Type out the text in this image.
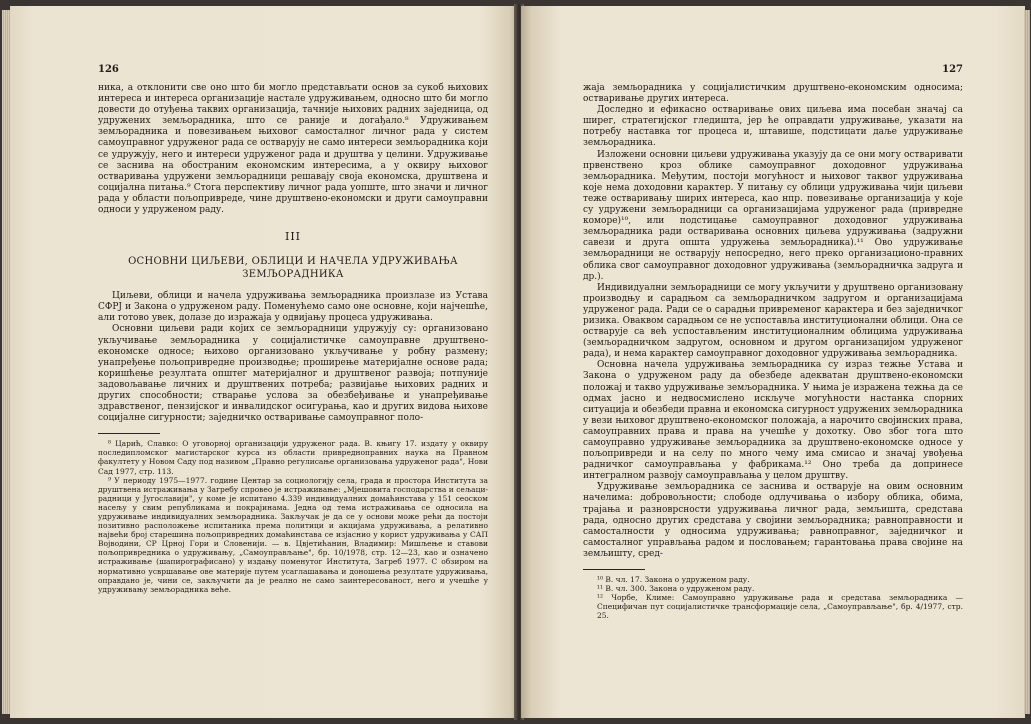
126

ника, а отклонити све оно што би могло представљати основ за сукоб њихових интереса и интереса организације настале удруживањем, односно што би могло довести до отуђења таквих организација, тачније њихових радних заједница, од удружених земљорадника, што се раније и догађало.⁸ Удруживањем земљорадника и повезивањем њиховог самосталног личног рада у систем самоуправног удруженог рада се остварују не само интереси земљорадника који се удружују, него и интереси удруженог рада и друштва у целини. Удруживање се заснива на обостраним економским интересима, а у оквиру њиховог остваривања удружени земљорадници решавају своја економска, друштвена и социјална питања.⁹ Стога перспективу личног рада уопште, што значи и личног рада у области пољопривреде, чине друштвено-економски и други самоуправни односи у удруженом раду.

III
ОСНОВНИ ЦИЉЕВИ, ОБЛИЦИ И НАЧЕЛА УДРУЖИВАЊА ЗЕМЉОРАДНИКА

Циљеви, облици и начела удруживања земљорадника произлазе из Устава СФРЈ и Закона о удруженом раду. Поменућемо само оне основне, који најчешће, али готово увек, долазе до изражаја у одвијању процеса удруживања.

Основни циљеви ради којих се земљорадници удружују су: организовано укључивање земљорадника у социјалистичке самоуправне друштвено-економске односе; њихово организовано укључивање у робну размену; унапређење пољопривредне производње; проширење материјалне основе рада; коришћење резултата општег материјалног и друштвеног развоја; потпуније задовољавање личних и друштвених потреба; развијање њихових радних и других способности; стварање услова за обезбеђивање и унапређивање здравственог, пензијског и инвалидског осигурања, као и других видова њихове социјалне сигурности; заједничко остваривање самоуправног поло-

⁸ Царић, Славко: О уговорној организацији удруженог рада. В. књигу 17. издату у оквиру последипломског магистарског курса из области привредноправних наука на Правном факултету у Новом Саду под називом „Правно регулисање организовања удруженог рада", Нови Сад 1977, стр. 113.

⁹ У периоду 1975—1977. године Центар за социологију села, града и простора Института за друштвена истраживања у Загребу спровео је истраживање: „Мјешовита господарства и сељаци-радници у Југославији", у коме је испитано 4.339 индивидуалних домаћинстава у 151 сеоском насељу у свим републикама и покрајинама. Једна од тема истраживања се односила на удруживање индивидуалних земљорадника. Закључак је да се у основи може рећи да постоји позитивно расположење испитаника према политици и акцијама удруживања, а релативно највећи број старешина пољопривредних домаћинстава се изјаснио у корист удруживања у САП Војводини, СР Црној Гори и Словенији. — в. Цвјетићанин, Владимир: Мишљење и ставови пољопривредника о удруживању, „Самоуправљање", бр. 10/1978, стр. 12—23, као и означено истраживање (шапирографисано) у издању поменутог Института, Загреб 1977. С обзиром на нормативно усвршавање ове материје путем усаглашавања и доношења резултате удруживања, оправдано је, чини се, закључити да је реално не само заинтересованост, него и учешће у удруживању земљорадника веће.

127

жаја земљорадника у социјалистичким друштвено-економским односима; остваривање других интереса.

Доследно и ефикасно остваривање ових циљева има посебан значај са ширег, стратегијског гледишта, јер ће оправдати удруживање, указати на потребу наставка тог процеса и, штавише, подстицати даље удруживање земљорадника.

Изложени основни циљеви удруживања указују да се они могу остваривати првенствено кроз облике самоуправног доходовног удруживања земљорадника. Међутим, постоји могућност и њиховог таквог удруживања које нема доходовни карактер. У питању су облици удруживања чији циљеви теже остваривању ширих интереса, као нпр. повезивање организација у које су удружени земљорадници са организацијама удруженог рада (привредне коморе)¹⁰, или подстицање самоуправног доходовног удруживања земљорадника ради остваривања основних циљева удруживања (задружни савези и друга општа удружења земљорадника).¹¹ Ово удруживање земљорадници не остварују непосредно, него преко организационо-правних облика свог самоуправног доходовног удруживања (земљорадничка задруга и др.).

Индивидуални земљорадници се могу укључити у друштвено организовану производњу и сарадњом са земљорадничком задругом и организацијама удруженог рада. Ради се о сарадњи привременог карактера и без заједничког ризика. Оваквом сарадњом се не успоставља институционални облици. Она се остварује са већ успостављеним институционалним облицима удруживања (земљорадничком задругом, основном и другом организацијом удруженог рада), и нема карактер самоуправног доходовног удруживања земљорадника.

Основна начела удруживања земљорадника су израз тежње Устава и Закона о удруженом раду да обезбеде адекватан друштвено-економски положај и такво удруживање земљорадника. У њима је изражена тежња да се одмах јасно и недвосмислено искључе могућности настанка спорних ситуација и обезбеди правна и економска сигурност удружених земљорадника у вези њиховог друштвено-економског положаја, а нарочито својинских права, самоуправних права и права на учешће у дохотку. Ово због тога што самоуправно удруживање земљорадника за друштвено-економске односе у пољопривреди и на селу по много чему има смисао и значај увођења радничког самоуправљања у фабрикама.¹² Оно треба да допринесе интегралном развоју самоуправљања у целом друштву.

Удруживање земљорадника се заснива и остварује на овим основним начелима: добровољности; слободе одлучивања о избору облика, обима, трајања и разноврсности удруживања личног рада, земљишта, средстава рада, односно других средстава у својини земљорадника; равноправности и самосталности у односима удруживања; равноправног, заједничког и самосталног управљања радом и пословањем; гарантовања права својине на земљишту, сред-

¹⁰ В. чл. 17. Закона о удруженом раду.

¹¹ В. чл. 300. Закона о удруженом раду.

¹² Чорбе, Климе: Самоуправно удруживање рада и средстава земљорадника — Специфичан пут социјалистичке трансформације села, „Самоуправљање", бр. 4/1977, стр. 25.
